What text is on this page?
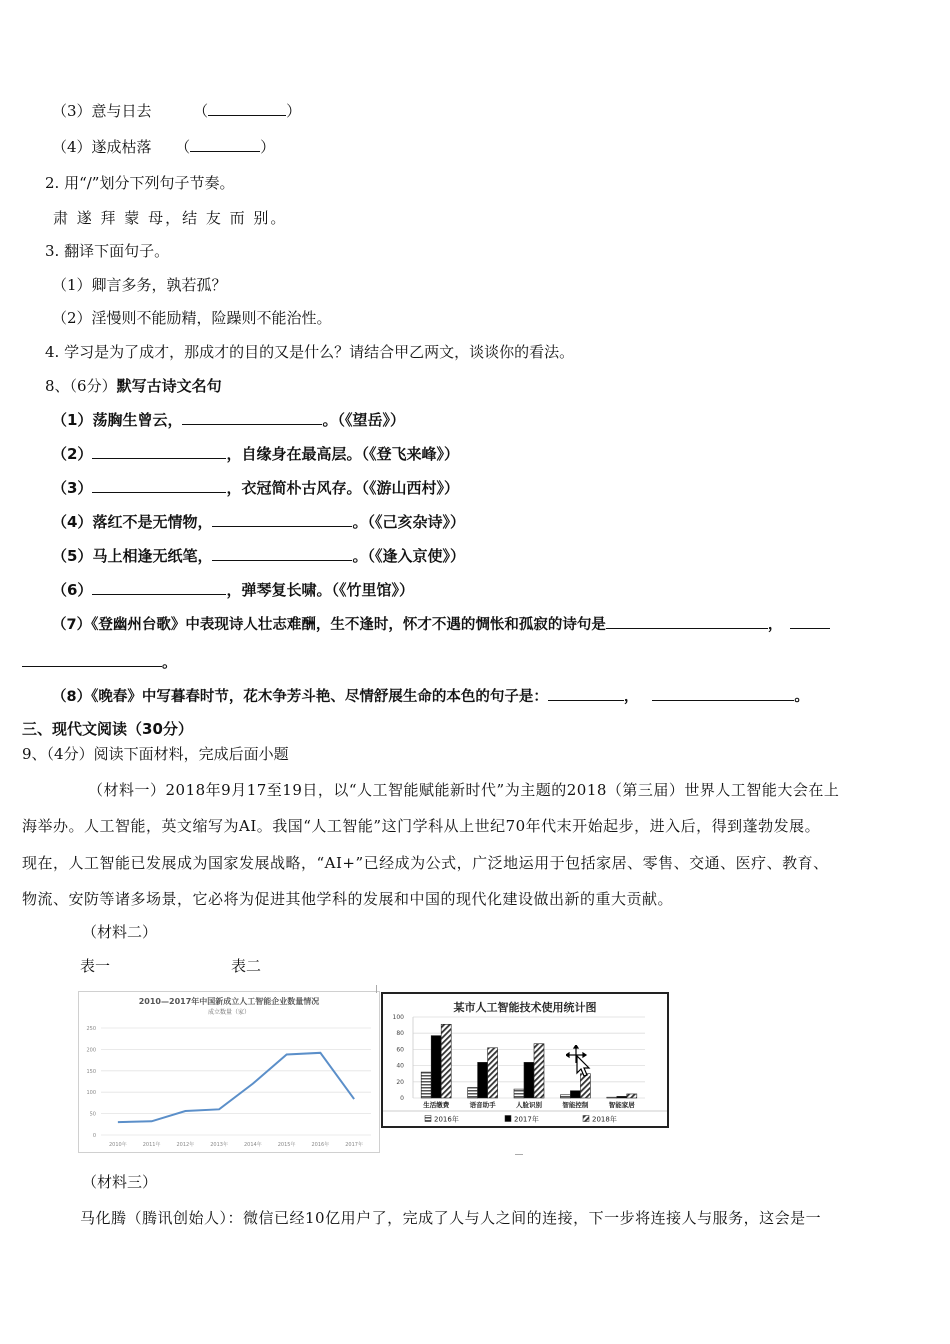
（3）意与日去	（	）
（4）遂成枯落 （	）
2. 用“/”划分下列句子节奏。
肃 遂 拜 蒙 母，结 友 而 别。
3. 翻译下面句子。
（1）卿言多务，孰若孤？
（2）淫慢则不能励精，险躁则不能治性。
4. 学习是为了成才，那成才的目的又是什么？请结合甲乙两文，谈谈你的看法。
8、（6分）默写古诗文名句
（1）荡胸生曾云，	。（《望岳》）
（2）	，自缘身在最高层。（《登飞来峰》）
（3）	，衣冠简朴古风存。（《游山西村》）
（4）落红不是无情物，	。（《己亥杂诗》）
（5）马上相逢无纸笔，	。（《逢入京使》）
（6）	，弹琴复长啸。（《竹里馆》）
（7）《登幽州台歌》中表现诗人壮志难酬，生不逢时，怀才不遇的惆怅和孤寂的诗句是	，
。
（8）《晚春》中写暮春时节，花木争芳斗艳、尽情舒展生命的本色的句子是：	，	。
三、现代文阅读（30分）
9、（4分）阅读下面材料，完成后面小题
（材料一）2018年9月17至19日，以“人工智能赋能新时代”为主题的2018（第三届）世界人工智能大会在上
海举办。人工智能，英文缩写为AI。我国“人工智能”这门学科从上世纪70年代末开始起步，进入后，得到蓬勃发展。
现在，人工智能已发展成为国家发展战略，“AI+”已经成为公式，广泛地运用于包括家居、零售、交通、医疗、教育、
物流、安防等诸多场景，它必将为促进其他学科的发展和中国的现代化建设做出新的重大贡献。
（材料二）
表一	表二
2010—2017年中国新成立人工智能企业数量情况
成立数量（家）
0
50
100
150
200
250
2010年	2011年	2012年	2013年	2014年	2015年	2016年	2017年
某市人工智能技术使用统计图
0
20
40
60
80
100
生活缴费	语音助手	人脸识别	智能控制	智能家居
2016年	2017年	2018年
（材料三）
马化腾（腾讯创始人）：微信已经10亿用户了，完成了人与人之间的连接，下一步将连接人与服务，这会是一
